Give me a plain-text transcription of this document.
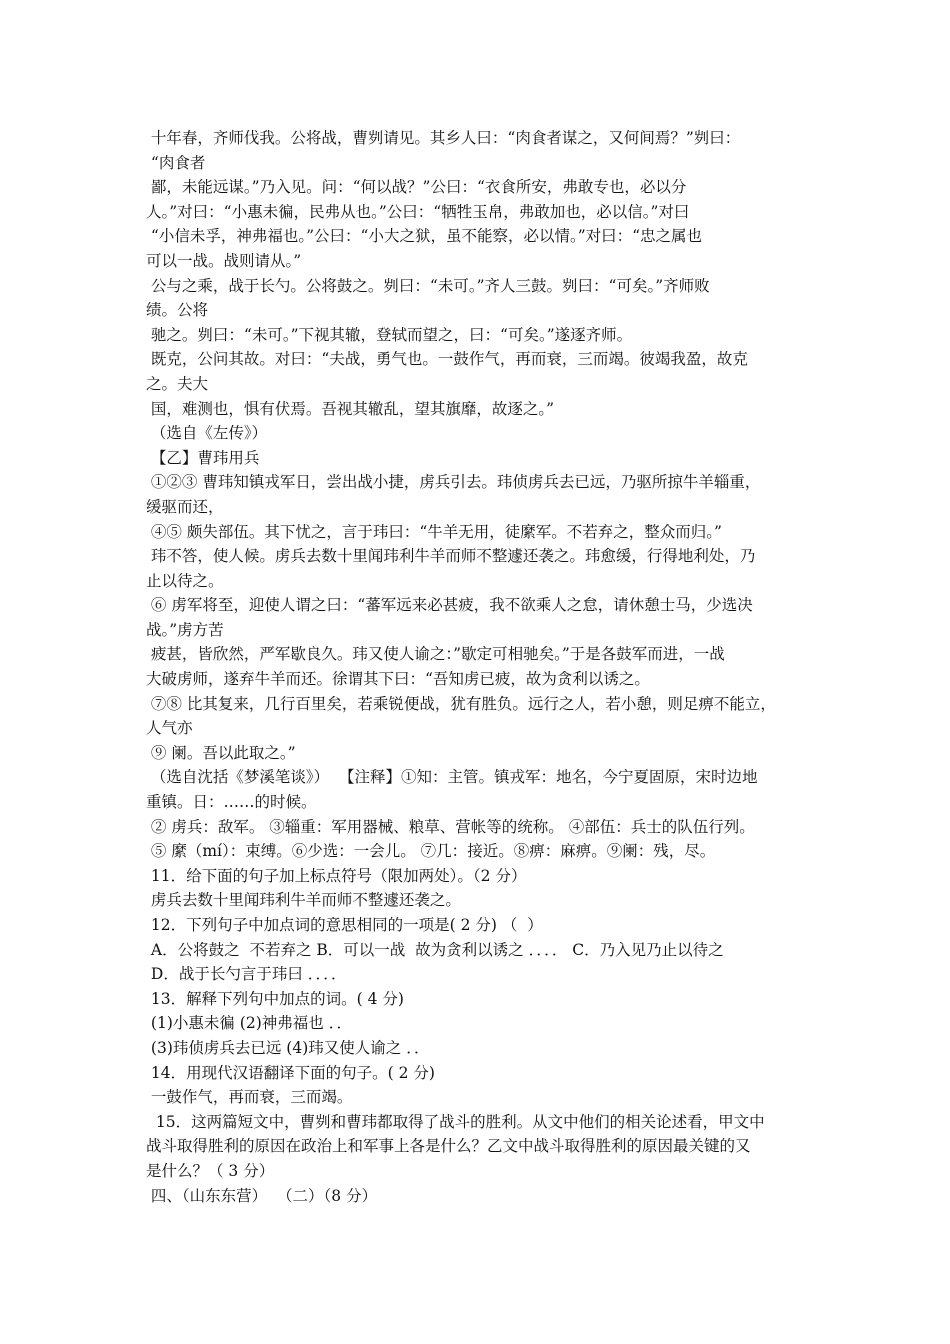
十年春，齐师伐我。公将战，曹刿请见。其乡人曰：“肉食者谋之，又何间焉？”刿曰：
“肉食者
鄙，未能远谋。”乃入见。问：“何以战？”公曰：“衣食所安，弗敢专也，必以分
人。”对曰：“小惠未徧，民弗从也。”公曰：“牺牲玉帛，弗敢加也，必以信。”对曰
“小信未孚，神弗福也。”公曰：“小大之狱，虽不能察，必以情。”对曰：“忠之属也
可以一战。战则请从。”
公与之乘，战于长勺。公将鼓之。刿曰：“未可。”齐人三鼓。刿曰：“可矣。”齐师败
绩。公将
驰之。刿曰：“未可。”下视其辙，登轼而望之，曰：“可矣。”遂逐齐师。
既克，公问其故。对曰：“夫战，勇气也。一鼓作气，再而衰，三而竭。彼竭我盈，故克
之。夫大
国，难测也，惧有伏焉。吾视其辙乱，望其旗靡，故逐之。”
（选自《左传》）
【乙】曹玮用兵
①②③ 曹玮知镇戎军日，尝出战小捷，虏兵引去。玮侦虏兵去已远，乃驱所掠牛羊辎重，
缓驱而还，
④⑤ 颇失部伍。其下忧之，言于玮曰：“牛羊无用，徒縻军。不若弃之，整众而归。”
玮不答，使人候。虏兵去数十里闻玮利牛羊而师不整遽还袭之。玮愈缓，行得地利处，乃
止以待之。
⑥ 虏军将至，迎使人谓之曰：“蕃军远来必甚疲，我不欲乘人之怠，请休憩士马，少选决
战。”虏方苦
疲甚，皆欣然，严军歇良久。玮又使人谕之：”歇定可相驰矣。”于是各鼓军而进，一战
大破虏师，遂弃牛羊而还。徐谓其下曰：“吾知虏已疲，故为贪利以诱之。
⑦⑧ 比其复来，几行百里矣，若乘锐便战，犹有胜负。远行之人，若小憩，则足痹不能立，
人气亦
⑨ 阑。吾以此取之。”
（选自沈括《梦溪笔谈》）  【注释】①知：主管。镇戎军：地名，今宁夏固原，宋时边地
重镇。日：……的时候。
② 虏兵：敌军。 ③辎重：军用器械、粮草、营帐等的统称。 ④部伍：兵士的队伍行列。
⑤ 縻（mí）：束缚。⑥少选：一会儿。 ⑦几：接近。⑧痹：麻痹。⑨阑：残，尽。
11．给下面的句子加上标点符号（限加两处）。（2 分）
虏兵去数十里闻玮利牛羊而师不整遽还袭之。
12．下列句子中加点词的意思相同的一项是( 2 分) （  ）
A．公将鼓之  不若弃之 B．可以一战  故为贪利以诱之 ．．．． C．乃入见乃止以待之
D．战于长勺言于玮曰 ．．．．
13．解释下列句中加点的词。( 4 分)
(1)小惠未徧 (2)神弗福也 ．．
(3)玮侦虏兵去已远 (4)玮又使人谕之 ．．
14．用现代汉语翻译下面的句子。( 2 分)
一鼓作气，再而衰，三而竭。
15．这两篇短文中，曹刿和曹玮都取得了战斗的胜利。从文中他们的相关论述看，甲文中
战斗取得胜利的原因在政治上和军事上各是什么？乙文中战斗取得胜利的原因最关键的又
是什么？（ 3 分）
四、（山东东营）  （二）（8 分）
